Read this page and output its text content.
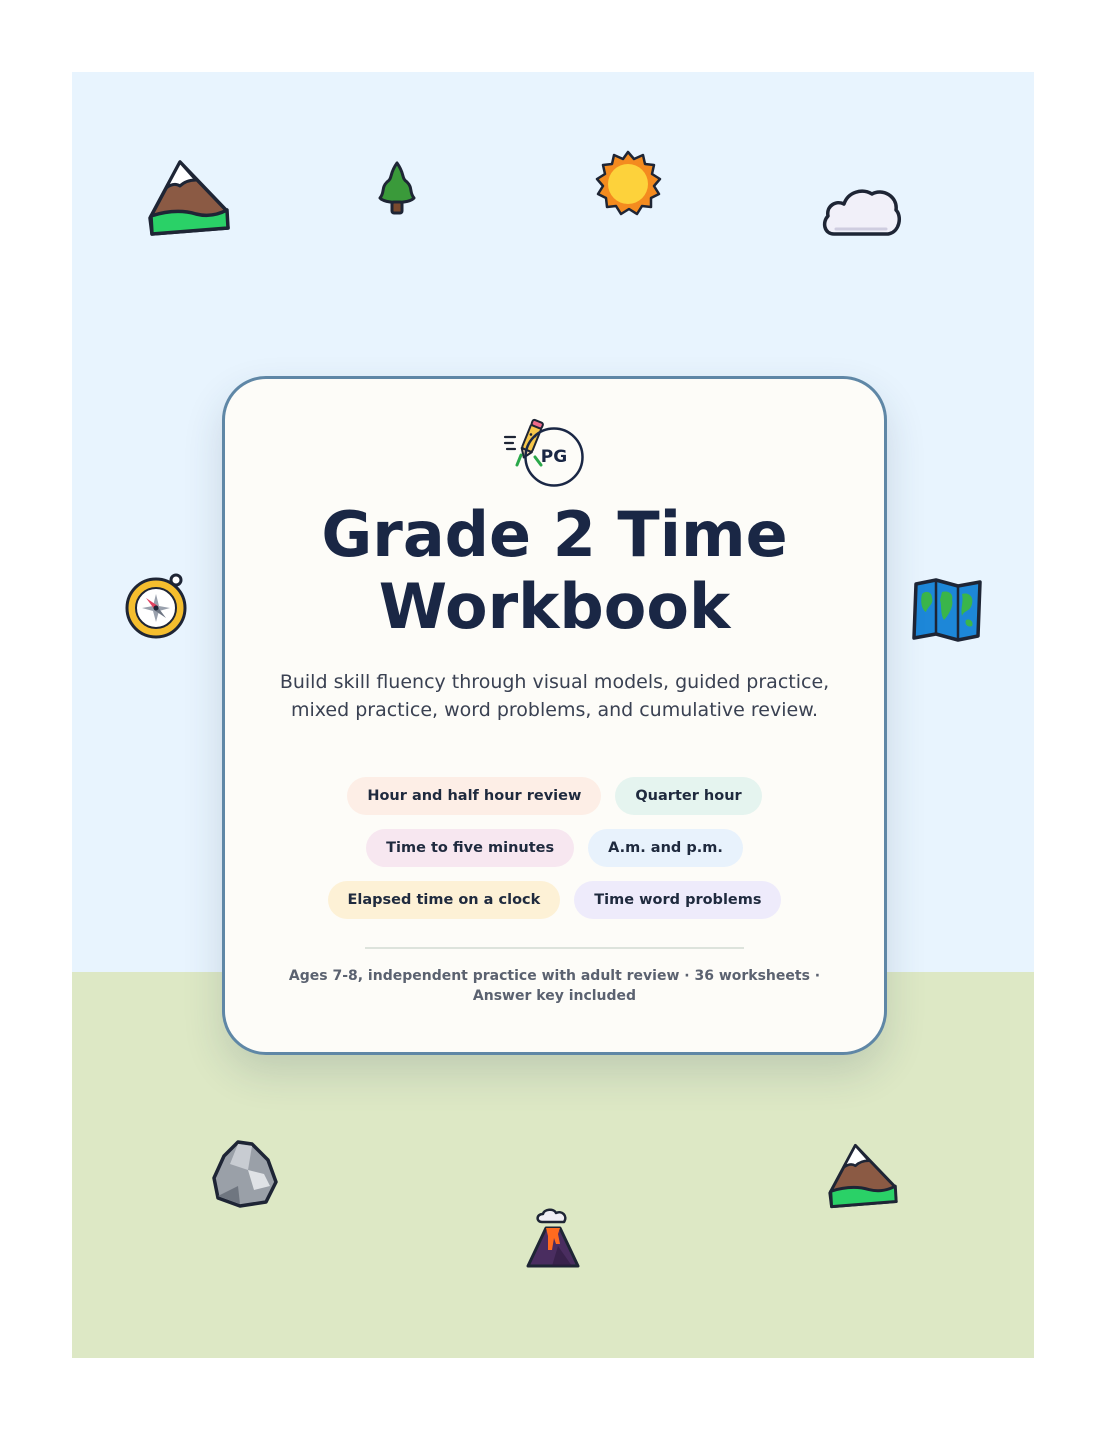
PG
Grade 2 Time Workbook

Build skill fluency through visual models, guided practice, mixed practice, word problems, and cumulative review.

Hour and half hour review	Quarter hour
Time to five minutes	A.m. and p.m.
Elapsed time on a clock	Time word problems

Ages 7-8, independent practice with adult review · 36 worksheets · Answer key included
